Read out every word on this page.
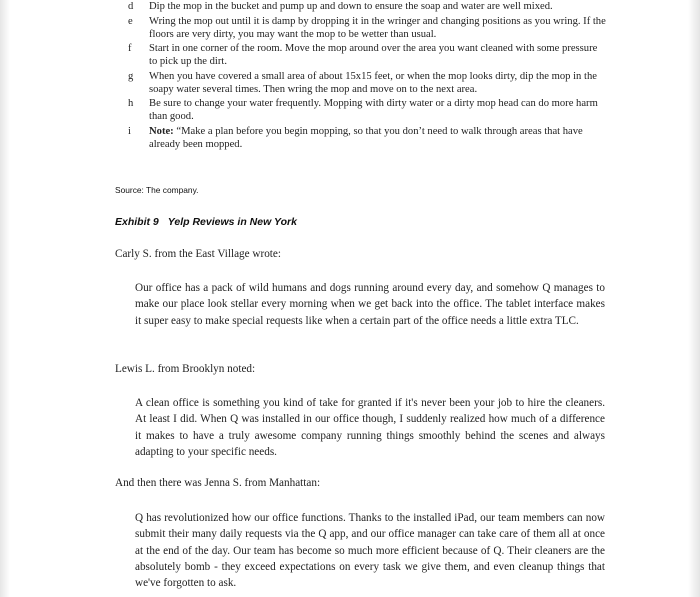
d	Dip the mop in the bucket and pump up and down to ensure the soap and water are well mixed.
e	Wring the mop out until it is damp by dropping it in the wringer and changing positions as you wring. If the floors are very dirty, you may want the mop to be wetter than usual.
f	Start in one corner of the room. Move the mop around over the area you want cleaned with some pressure to pick up the dirt.
g	When you have covered a small area of about 15x15 feet, or when the mop looks dirty, dip the mop in the soapy water several times. Then wring the mop and move on to the next area.
h	Be sure to change your water frequently. Mopping with dirty water or a dirty mop head can do more harm than good.
i	Note: “Make a plan before you begin mopping, so that you don’t need to walk through areas that have already been mopped.
Source: The company.
Exhibit 9 Yelp Reviews in New York
Carly S. from the East Village wrote:
Our office has a pack of wild humans and dogs running around every day, and somehow Q manages to make our place look stellar every morning when we get back into the office. The tablet interface makes it super easy to make special requests like when a certain part of the office needs a little extra TLC.
Lewis L. from Brooklyn noted:
A clean office is something you kind of take for granted if it's never been your job to hire the cleaners. At least I did. When Q was installed in our office though, I suddenly realized how much of a difference it makes to have a truly awesome company running things smoothly behind the scenes and always adapting to your specific needs.
And then there was Jenna S. from Manhattan:
Q has revolutionized how our office functions. Thanks to the installed iPad, our team members can now submit their many daily requests via the Q app, and our office manager can take care of them all at once at the end of the day. Our team has become so much more efficient because of Q. Their cleaners are the absolutely bomb - they exceed expectations on every task we give them, and even cleanup things that we've forgotten to ask.
